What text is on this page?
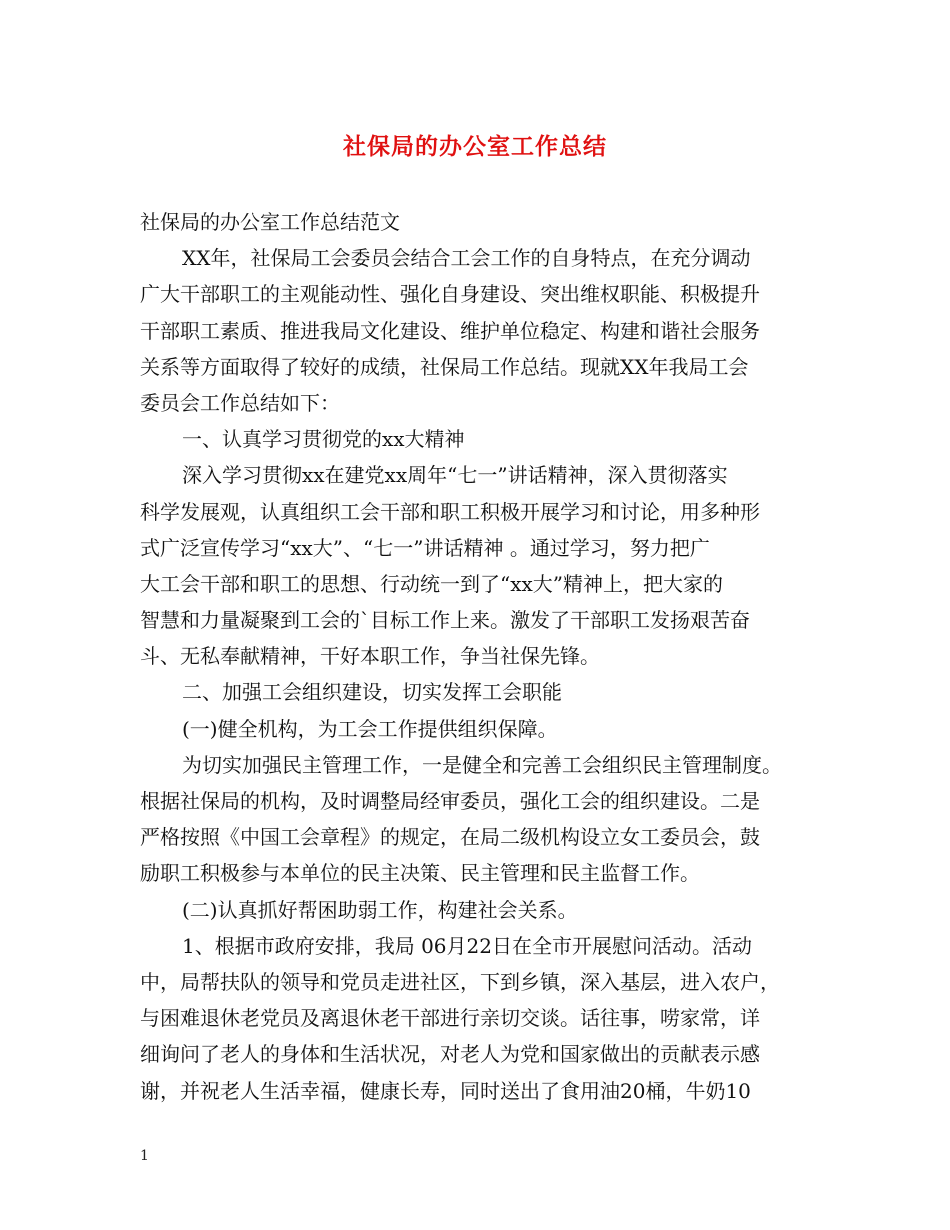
社保局的办公室工作总结
社保局的办公室工作总结范文
XX年，社保局工会委员会结合工会工作的自身特点，在充分调动
广大干部职工的主观能动性、强化自身建设、突出维权职能、积极提升
干部职工素质、推进我局文化建设、维护单位稳定、构建和谐社会服务
关系等方面取得了较好的成绩，社保局工作总结。现就XX年我局工会
委员会工作总结如下：
一、认真学习贯彻党的xx大精神
深入学习贯彻xx在建党xx周年“七一”讲话精神，深入贯彻落实
科学发展观，认真组织工会干部和职工积极开展学习和讨论，用多种形
式广泛宣传学习“xx大”、“七一”讲话精神 。通过学习，努力把广
大工会干部和职工的思想、行动统一到了“xx大”精神上，把大家的
智慧和力量凝聚到工会的`目标工作上来。激发了干部职工发扬艰苦奋
斗、无私奉献精神，干好本职工作，争当社保先锋。
二、加强工会组织建设，切实发挥工会职能
(一)健全机构，为工会工作提供组织保障。
为切实加强民主管理工作，一是健全和完善工会组织民主管理制度。
根据社保局的机构，及时调整局经审委员，强化工会的组织建设。二是
严格按照《中国工会章程》的规定，在局二级机构设立女工委员会，鼓
励职工积极参与本单位的民主决策、民主管理和民主监督工作。
(二)认真抓好帮困助弱工作，构建社会关系。
1、根据市政府安排，我局 06月22日在全市开展慰问活动。活动
中，局帮扶队的领导和党员走进社区，下到乡镇，深入基层，进入农户，
与困难退休老党员及离退休老干部进行亲切交谈。话往事，唠家常，详
细询问了老人的身体和生活状况，对老人为党和国家做出的贡献表示感
谢，并祝老人生活幸福，健康长寿，同时送出了食用油20桶，牛奶10
1
